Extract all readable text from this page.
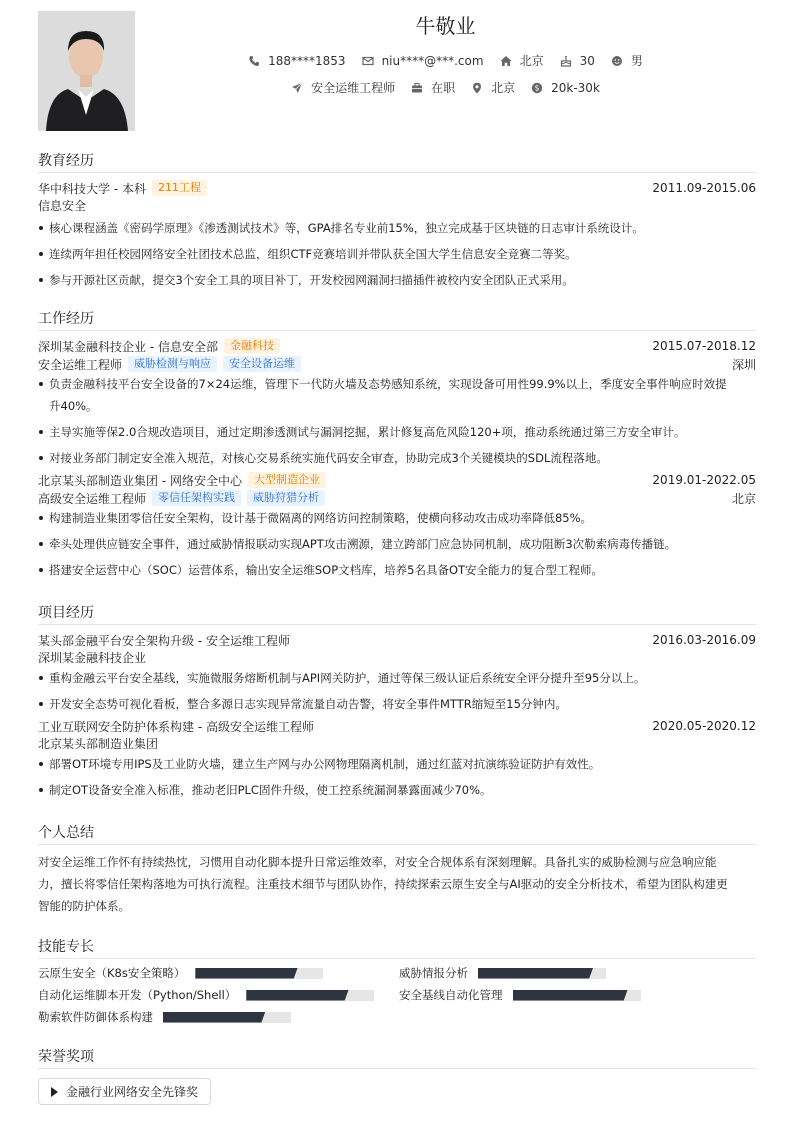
牛敬业
188****1853	niu****@***.com	北京	30	男
安全运维工程师	在职	北京	$ 20k-30k
教育经历
华中科技大学 - 本科	211工程	2011.09-2015.06
信息安全
核心课程涵盖《密码学原理》《渗透测试技术》等，GPA排名专业前15%，独立完成基于区块链的日志审计系统设计。
连续两年担任校园网络安全社团技术总监，组织CTF竞赛培训并带队获全国大学生信息安全竞赛二等奖。
参与开源社区贡献，提交3个安全工具的项目补丁，开发校园网漏洞扫描插件被校内安全团队正式采用。
工作经历
深圳某金融科技企业 - 信息安全部	金融科技	2015.07-2018.12
安全运维工程师	威胁检测与响应	安全设备运维	深圳
负责金融科技平台安全设备的7×24运维，管理下一代防火墙及态势感知系统，实现设备可用性99.9%以上，季度安全事件响应时效提
升40%。
主导实施等保2.0合规改造项目，通过定期渗透测试与漏洞挖掘，累计修复高危风险120+项，推动系统通过第三方安全审计。
对接业务部门制定安全准入规范，对核心交易系统实施代码安全审查，协助完成3个关键模块的SDL流程落地。
北京某头部制造业集团 - 网络安全中心	大型制造企业	2019.01-2022.05
高级安全运维工程师	零信任架构实践	威胁狩猎分析	北京
构建制造业集团零信任安全架构，设计基于微隔离的网络访问控制策略，使横向移动攻击成功率降低85%。
牵头处理供应链安全事件，通过威胁情报联动实现APT攻击溯源，建立跨部门应急协同机制，成功阻断3次勒索病毒传播链。
搭建安全运营中心（SOC）运营体系，输出安全运维SOP文档库，培养5名具备OT安全能力的复合型工程师。
项目经历
某头部金融平台安全架构升级 - 安全运维工程师	2016.03-2016.09
深圳某金融科技企业
重构金融云平台安全基线，实施微服务熔断机制与API网关防护，通过等保三级认证后系统安全评分提升至95分以上。
开发安全态势可视化看板，整合多源日志实现异常流量自动告警，将安全事件MTTR缩短至15分钟内。
工业互联网安全防护体系构建 - 高级安全运维工程师	2020.05-2020.12
北京某头部制造业集团
部署OT环境专用IPS及工业防火墙，建立生产网与办公网物理隔离机制，通过红蓝对抗演练验证防护有效性。
制定OT设备安全准入标准，推动老旧PLC固件升级，使工控系统漏洞暴露面减少70%。
个人总结
对安全运维工作怀有持续热忱，习惯用自动化脚本提升日常运维效率，对安全合规体系有深刻理解。具备扎实的威胁检测与应急响应能
力，擅长将零信任架构落地为可执行流程。注重技术细节与团队协作，持续探索云原生安全与AI驱动的安全分析技术，希望为团队构建更
智能的防护体系。
技能专长
云原生安全（K8s安全策略）	威胁情报分析
自动化运维脚本开发（Python/Shell）	安全基线自动化管理
勒索软件防御体系构建
荣誉奖项
金融行业网络安全先锋奖
